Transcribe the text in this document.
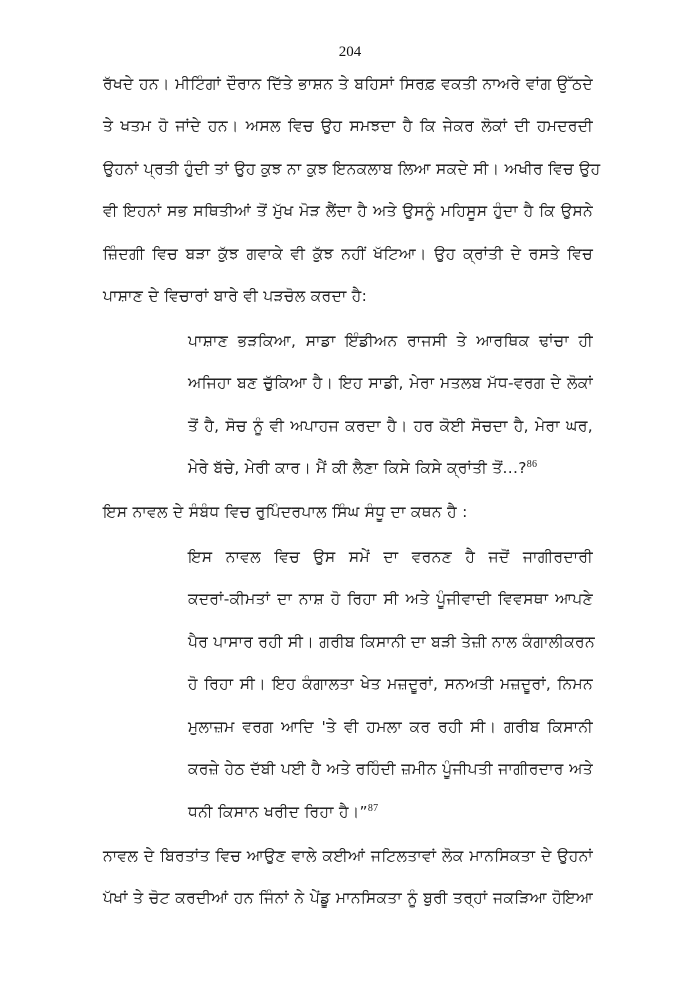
204
ਰੱਖਦੇ ਹਨ। ਮੀਟਿੰਗਾਂ ਦੌਰਾਨ ਦਿੱਤੇ ਭਾਸ਼ਨ ਤੇ ਬਹਿਸਾਂ ਸਿਰਫ਼ ਵਕਤੀ ਨਾਅਰੇ ਵਾਂਗ ਉੱਠਦੇ
ਤੇ ਖਤਮ ਹੋ ਜਾਂਦੇ ਹਨ। ਅਸਲ ਵਿਚ ਉਹ ਸਮਝਦਾ ਹੈ ਕਿ ਜੇਕਰ ਲੋਕਾਂ ਦੀ ਹਮਦਰਦੀ
ਉਹਨਾਂ ਪ੍ਰਤੀ ਹੁੰਦੀ ਤਾਂ ਉਹ ਕੁਝ ਨਾ ਕੁਝ ਇਨਕਲਾਬ ਲਿਆ ਸਕਦੇ ਸੀ। ਅਖੀਰ ਵਿਚ ਉਹ
ਵੀ ਇਹਨਾਂ ਸਭ ਸਥਿਤੀਆਂ ਤੋਂ ਮੁੱਖ ਮੋੜ ਲੈਂਦਾ ਹੈ ਅਤੇ ਉਸਨੂੰ ਮਹਿਸੂਸ ਹੁੰਦਾ ਹੈ ਕਿ ਉਸਨੇ
ਜ਼ਿੰਦਗੀ ਵਿਚ ਬੜਾ ਕੁੱਝ ਗਵਾਕੇ ਵੀ ਕੁੱਝ ਨਹੀਂ ਖੱਟਿਆ। ਉਹ ਕ੍ਰਾਂਤੀ ਦੇ ਰਸਤੇ ਵਿਚ
ਪਾਸ਼ਾਣ ਦੇ ਵਿਚਾਰਾਂ ਬਾਰੇ ਵੀ ਪੜਚੋਲ ਕਰਦਾ ਹੈ:
ਪਾਸ਼ਾਣ ਭੜਕਿਆ, ਸਾਡਾ ਇੰਡੀਅਨ ਰਾਜਸੀ ਤੇ ਆਰਥਿਕ ਢਾਂਚਾ ਹੀ
ਅਜਿਹਾ ਬਣ ਚੁੱਕਿਆ ਹੈ। ਇਹ ਸਾਡੀ, ਮੇਰਾ ਮਤਲਬ ਮੱਧ-ਵਰਗ ਦੇ ਲੋਕਾਂ
ਤੋਂ ਹੈ, ਸੋਚ ਨੂੰ ਵੀ ਅਪਾਹਜ ਕਰਦਾ ਹੈ। ਹਰ ਕੋਈ ਸੋਚਦਾ ਹੈ, ਮੇਰਾ ਘਰ,
ਮੇਰੇ ਬੱਚੇ, ਮੇਰੀ ਕਾਰ। ਮੈਂ ਕੀ ਲੈਣਾ ਕਿਸੇ ਕਿਸੇ ਕ੍ਰਾਂਤੀ ਤੋਂ...?$^{86}$
ਇਸ ਨਾਵਲ ਦੇ ਸੰਬੰਧ ਵਿਚ ਰੁਪਿੰਦਰਪਾਲ ਸਿੰਘ ਸੰਧੂ ਦਾ ਕਥਨ ਹੈ :
ਇਸ ਨਾਵਲ ਵਿਚ ਉਸ ਸਮੇਂ ਦਾ ਵਰਨਣ ਹੈ ਜਦੋਂ ਜਾਗੀਰਦਾਰੀ
ਕਦਰਾਂ-ਕੀਮਤਾਂ ਦਾ ਨਾਸ਼ ਹੋ ਰਿਹਾ ਸੀ ਅਤੇ ਪੂੰਜੀਵਾਦੀ ਵਿਵਸਥਾ ਆਪਣੇ
ਪੈਰ ਪਾਸਾਰ ਰਹੀ ਸੀ। ਗਰੀਬ ਕਿਸਾਨੀ ਦਾ ਬੜੀ ਤੇਜ਼ੀ ਨਾਲ ਕੰਗਾਲੀਕਰਨ
ਹੋ ਰਿਹਾ ਸੀ। ਇਹ ਕੰਗਾਲਤਾ ਖੇਤ ਮਜ਼ਦੂਰਾਂ, ਸਨਅਤੀ ਮਜ਼ਦੂਰਾਂ, ਨਿਮਨ
ਮੁਲਾਜ਼ਮ ਵਰਗ ਆਦਿ 'ਤੇ ਵੀ ਹਮਲਾ ਕਰ ਰਹੀ ਸੀ। ਗਰੀਬ ਕਿਸਾਨੀ
ਕਰਜ਼ੇ ਹੇਠ ਦੱਬੀ ਪਈ ਹੈ ਅਤੇ ਰਹਿੰਦੀ ਜ਼ਮੀਨ ਪੂੰਜੀਪਤੀ ਜਾਗੀਰਦਾਰ ਅਤੇ
ਧਨੀ ਕਿਸਾਨ ਖਰੀਦ ਰਿਹਾ ਹੈ।”$^{87}$
ਨਾਵਲ ਦੇ ਬਿਰਤਾਂਤ ਵਿਚ ਆਉਣ ਵਾਲੇ ਕਈਆਂ ਜਟਿਲਤਾਵਾਂ ਲੋਕ ਮਾਨਸਿਕਤਾ ਦੇ ਉਹਨਾਂ
ਪੱਖਾਂ ਤੇ ਚੋਟ ਕਰਦੀਆਂ ਹਨ ਜਿੰਨਾਂ ਨੇ ਪੇਂਡੂ ਮਾਨਸਿਕਤਾ ਨੂੰ ਬੁਰੀ ਤਰ੍ਹਾਂ ਜਕੜਿਆ ਹੋਇਆ
